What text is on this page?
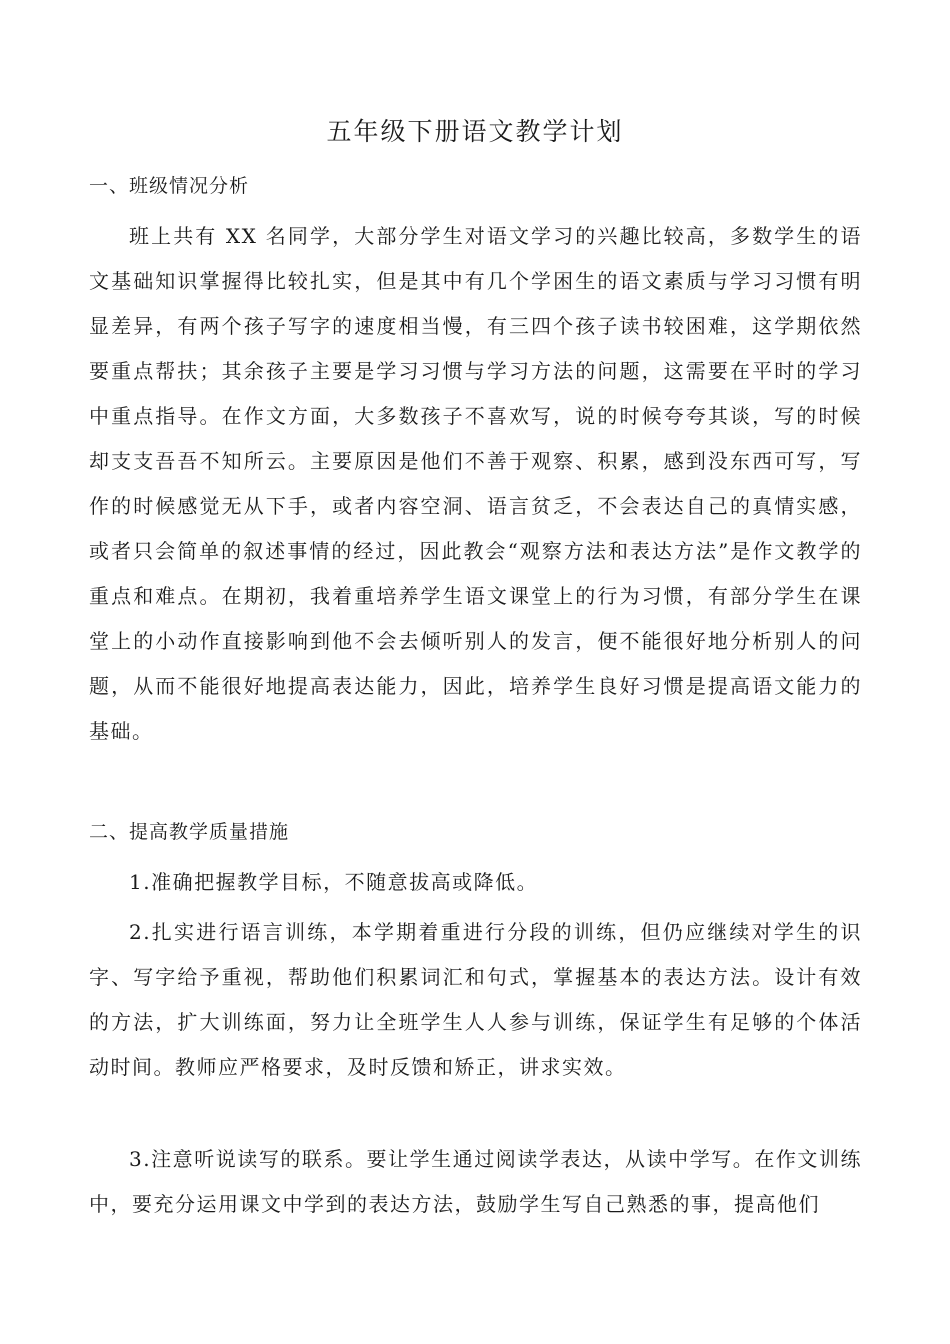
五年级下册语文教学计划
一、班级情况分析

班上共有 XX 名同学，大部分学生对语文学习的兴趣比较高，多数学生的语文基础知识掌握得比较扎实，但是其中有几个学困生的语文素质与学习习惯有明显差异，有两个孩子写字的速度相当慢，有三四个孩子读书较困难，这学期依然要重点帮扶；其余孩子主要是学习习惯与学习方法的问题，这需要在平时的学习中重点指导。在作文方面，大多数孩子不喜欢写，说的时候夸夸其谈，写的时候却支支吾吾不知所云。主要原因是他们不善于观察、积累，感到没东西可写，写作的时候感觉无从下手，或者内容空洞、语言贫乏，不会表达自己的真情实感，或者只会简单的叙述事情的经过，因此教会“观察方法和表达方法”是作文教学的重点和难点。在期初，我着重培养学生语文课堂上的行为习惯，有部分学生在课堂上的小动作直接影响到他不会去倾听别人的发言，便不能很好地分析别人的问题，从而不能很好地提高表达能力，因此，培养学生良好习惯是提高语文能力的基础。

二、提高教学质量措施

1.准确把握教学目标，不随意拔高或降低。

2.扎实进行语言训练，本学期着重进行分段的训练，但仍应继续对学生的识字、写字给予重视，帮助他们积累词汇和句式，掌握基本的表达方法。设计有效的方法，扩大训练面，努力让全班学生人人参与训练，保证学生有足够的个体活动时间。教师应严格要求，及时反馈和矫正，讲求实效。

3.注意听说读写的联系。要让学生通过阅读学表达，从读中学写。在作文训练中，要充分运用课文中学到的表达方法，鼓励学生写自己熟悉的事，提高他们
